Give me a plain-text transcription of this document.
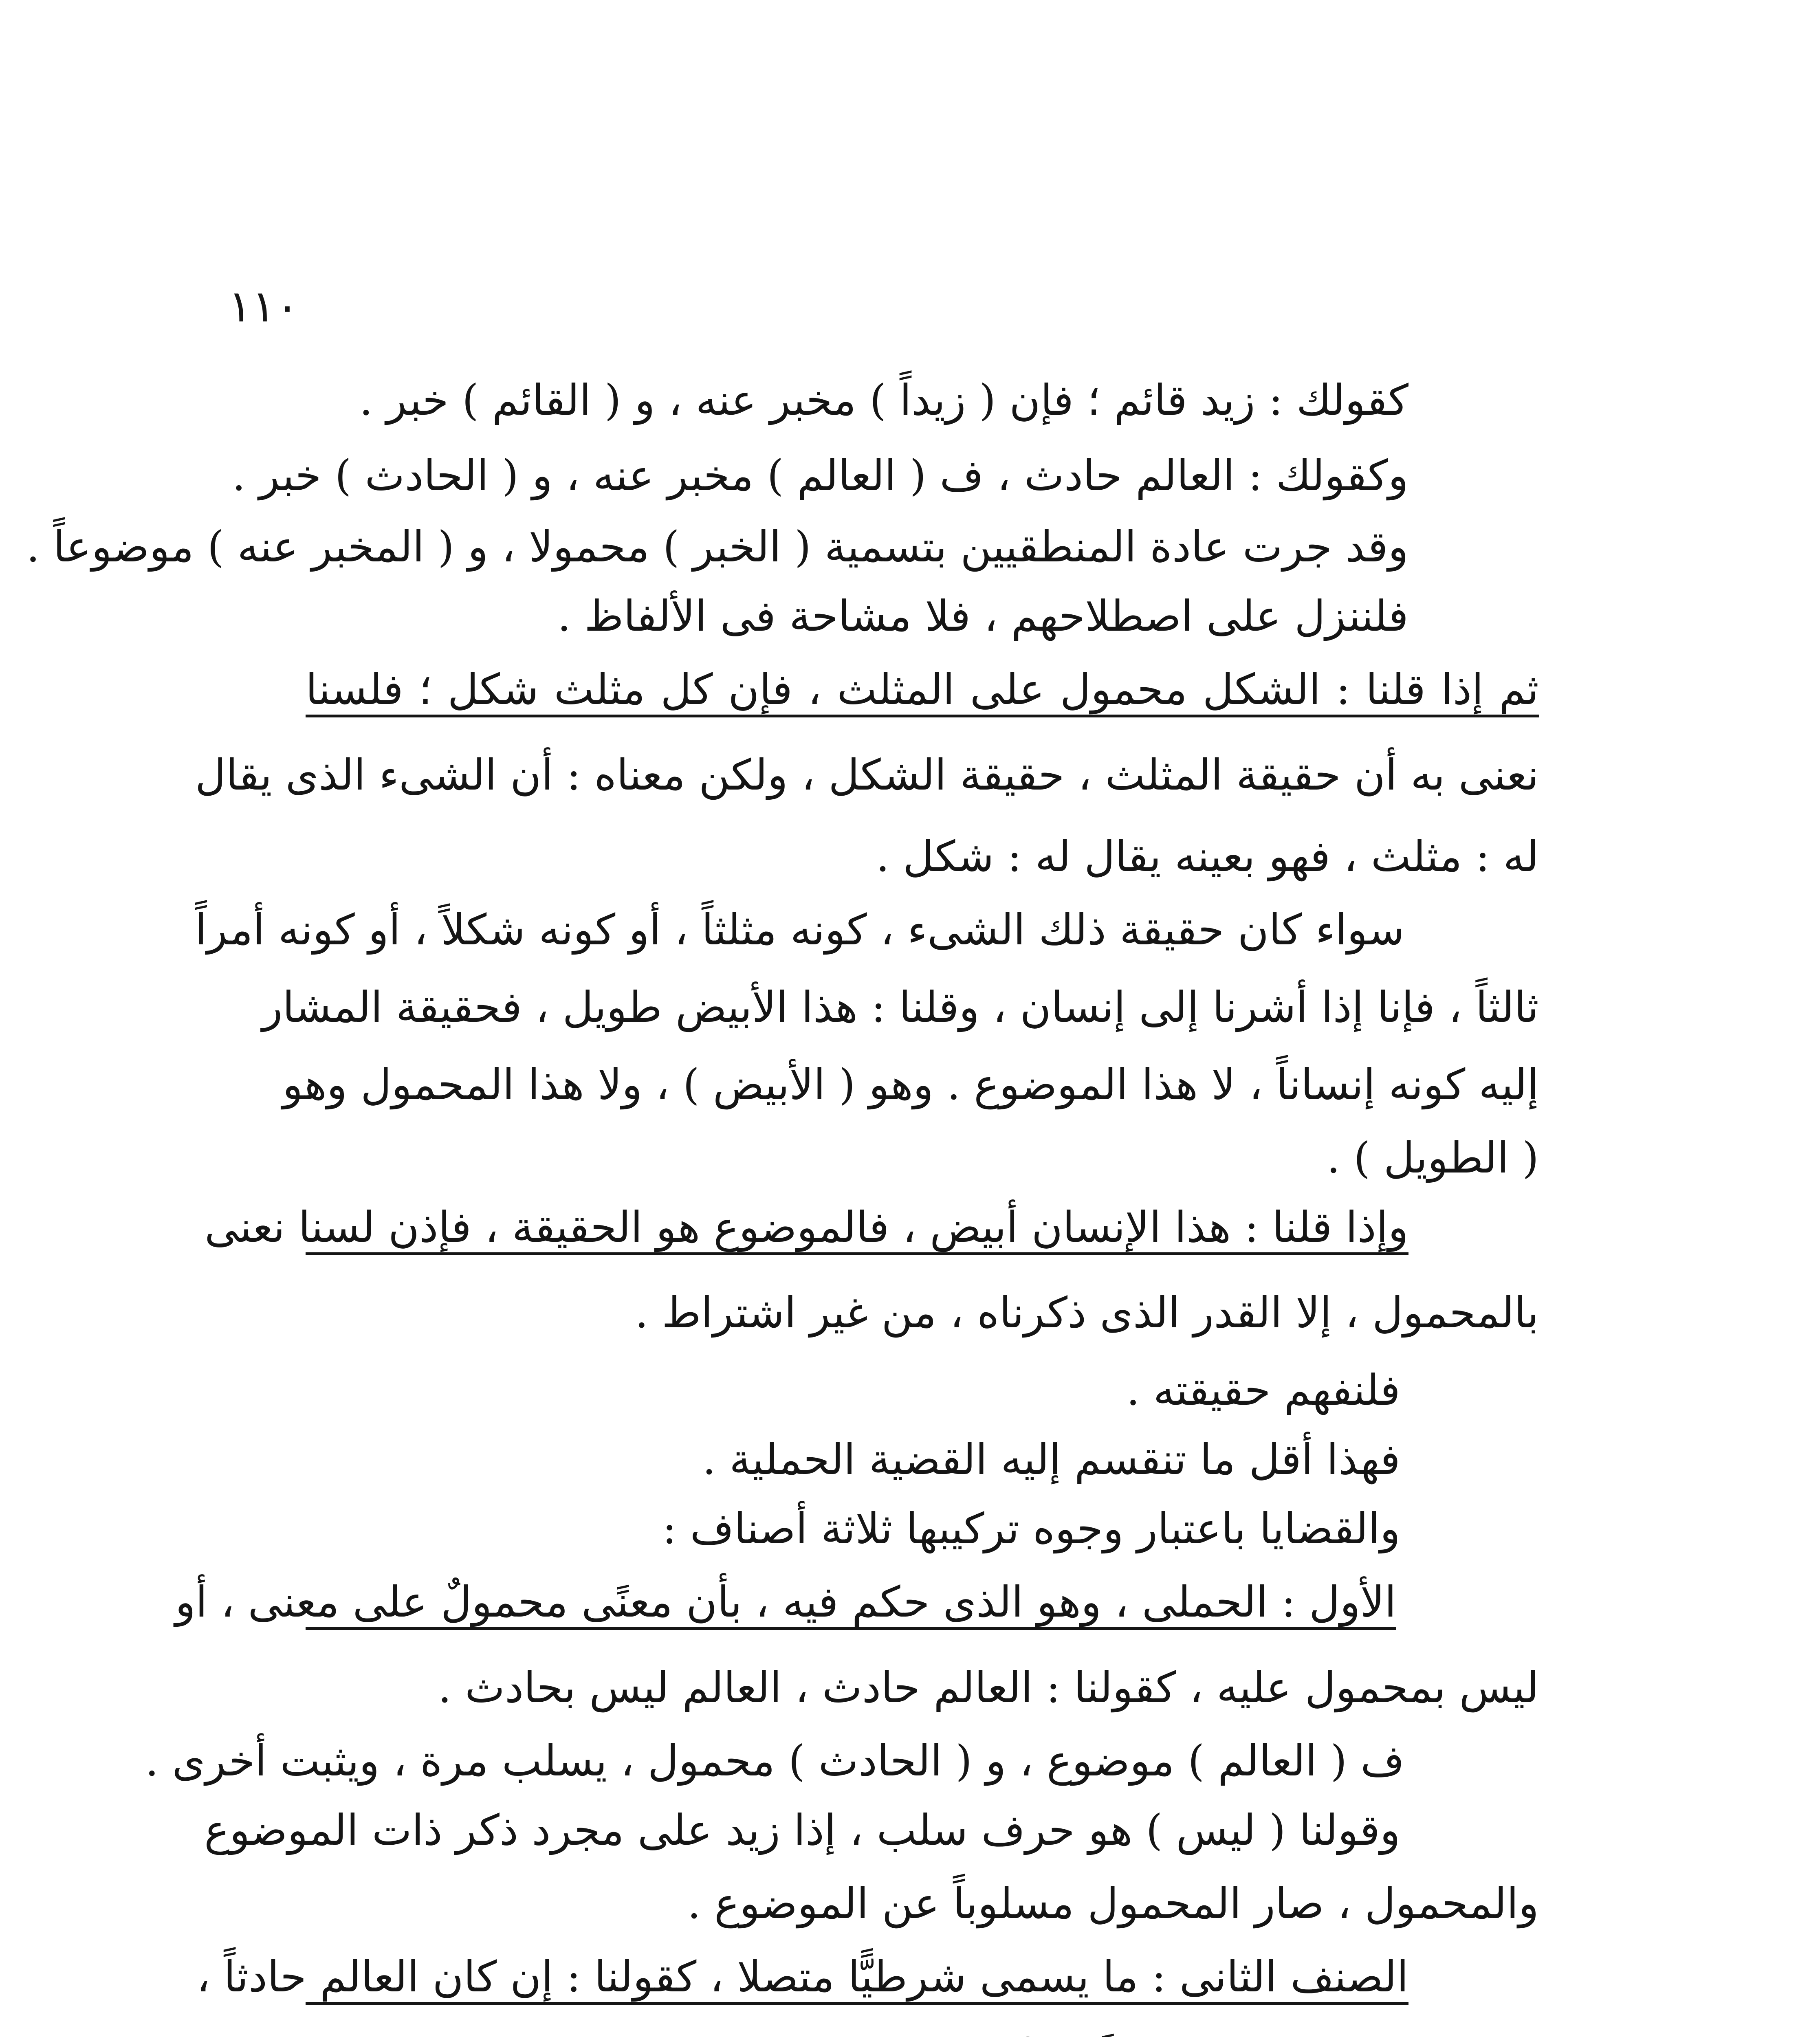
١١٠
كقولك : زيد قائم ؛ فإن ( زيداً ) مخبر عنه ، و ( القائم ) خبر .
وكقولك : العالم حادث ، ف ( العالم ) مخبر عنه ، و ( الحادث ) خبر .
وقد جرت عادة المنطقيين بتسمية ( الخبر ) محمولا ، و ( المخبر عنه ) موضوعاً .
فلننزل على اصطلاحهم ، فلا مشاحة فى الألفاظ .
ثم إذا قلنا : الشكل محمول على المثلث ، فإن كل مثلث شكل ؛ فلسنا
نعنى به أن حقيقة المثلث ، حقيقة الشكل ، ولكن معناه : أن الشىء الذى يقال
له : مثلث ، فهو بعينه يقال له : شكل .
سواء كان حقيقة ذلك الشىء ، كونه مثلثاً ، أو كونه شكلاً ، أو كونه أمراً
ثالثاً ، فإنا إذا أشرنا إلى إنسان ، وقلنا : هذا الأبيض طويل ، فحقيقة المشار
إليه كونه إنساناً ، لا هذا الموضوع . وهو ( الأبيض ) ، ولا هذا المحمول وهو
( الطويل ) .
وإذا قلنا : هذا الإنسان أبيض ، فالموضوع هو الحقيقة ، فإذن لسنا نعنى
بالمحمول ، إلا القدر الذى ذكرناه ، من غير اشتراط .
فلنفهم حقيقته .
فهذا أقل ما تنقسم إليه القضية الحملية .
والقضايا باعتبار وجوه تركيبها ثلاثة أصناف :
الأول : الحملى ، وهو الذى حكم فيه ، بأن معنًى محمولٌ على معنى ، أو
ليس بمحمول عليه ، كقولنا : العالم حادث ، العالم ليس بحادث .
ف ( العالم ) موضوع ، و ( الحادث ) محمول ، يسلب مرة ، ويثبت أخرى .
وقولنا ( ليس ) هو حرف سلب ، إذا زيد على مجرد ذكر ذات الموضوع
والمحمول ، صار المحمول مسلوباً عن الموضوع .
الصنف الثانى : ما يسمى شرطيًّا متصلا ، كقولنا : إن كان العالم حادثاً ،
